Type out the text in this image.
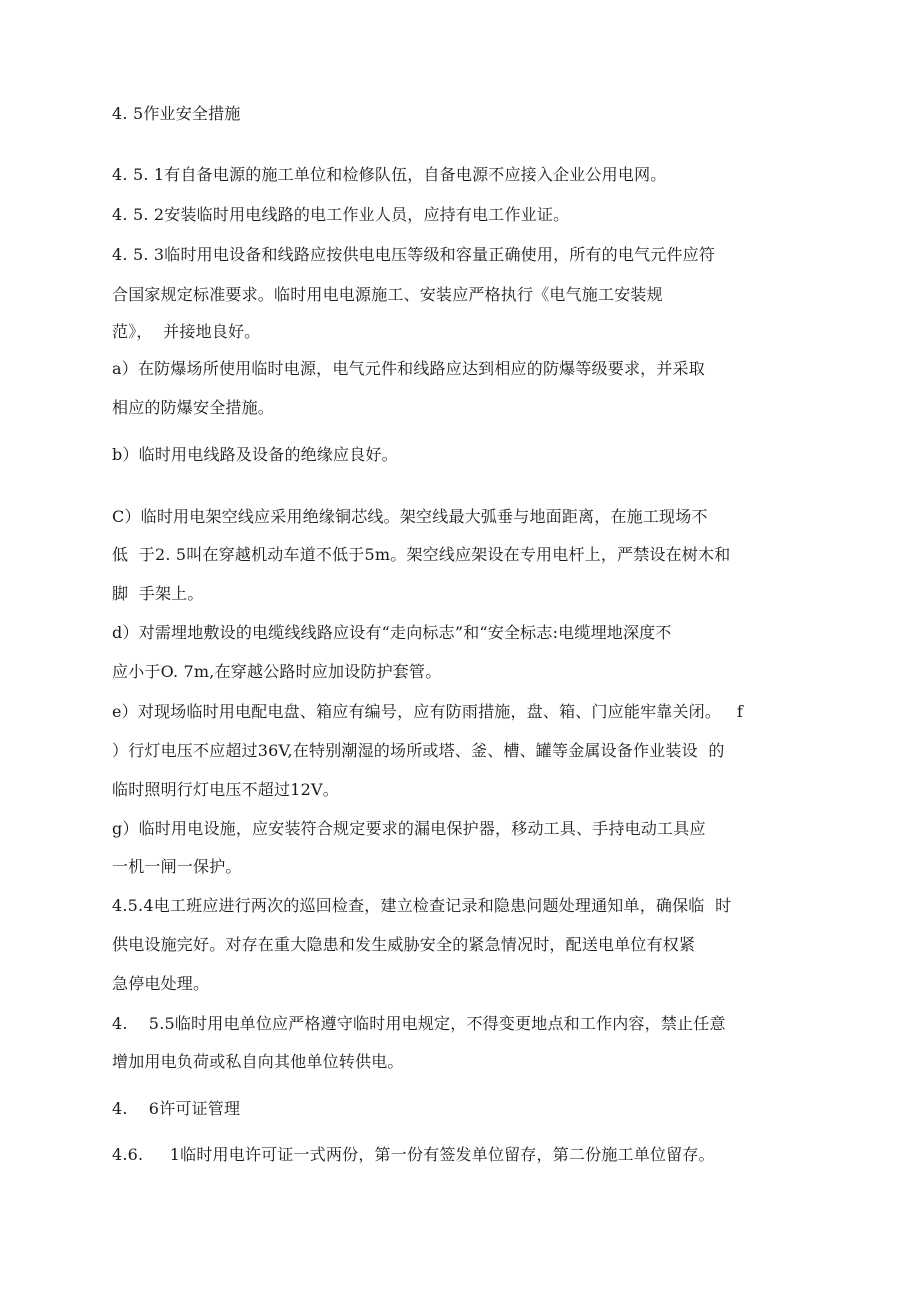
4. 5作业安全措施
4. 5. 1有自备电源的施工单位和检修队伍，自备电源不应接入企业公用电网。
4. 5. 2安装临时用电线路的电工作业人员，应持有电工作业证。
4. 5. 3临时用电设备和线路应按供电电压等级和容量正确使用，所有的电气元件应符
合国家规定标准要求。临时用电电源施工、安装应严格执行《电气施工安装规
范》，  并接地良好。
a）在防爆场所使用临时电源，电气元件和线路应达到相应的防爆等级要求，并采取
相应的防爆安全措施。
b）临时用电线路及设备的绝缘应良好。
C）临时用电架空线应采用绝缘铜芯线。架空线最大弧垂与地面距离，在施工现场不
低  于2. 5叫在穿越机动车道不低于5m。架空线应架设在专用电杆上，严禁设在树木和
脚  手架上。
d）对需埋地敷设的电缆线线路应设有“走向标志”和“安全标志:电缆埋地深度不
应小于O. 7m,在穿越公路时应加设防护套管。
e）对现场临时用电配电盘、箱应有编号，应有防雨措施，盘、箱、门应能牢靠关闭。   f
）行灯电压不应超过36V,在特别潮湿的场所或塔、釜、槽、罐等金属设备作业装设  的
临时照明行灯电压不超过12V。
g）临时用电设施，应安装符合规定要求的漏电保护器，移动工具、手持电动工具应
一机一闸一保护。
4.5.4电工班应进行两次的巡回检查，建立检查记录和隐患问题处理通知单，确保临  时
供电设施完好。对存在重大隐患和发生威胁安全的紧急情况时，配送电单位有权紧
急停电处理。
4.    5.5临时用电单位应严格遵守临时用电规定，不得变更地点和工作内容，禁止任意
增加用电负荷或私自向其他单位转供电。
4.    6许可证管理
4.6.     1临时用电许可证一式两份，第一份有签发单位留存，第二份施工单位留存。
